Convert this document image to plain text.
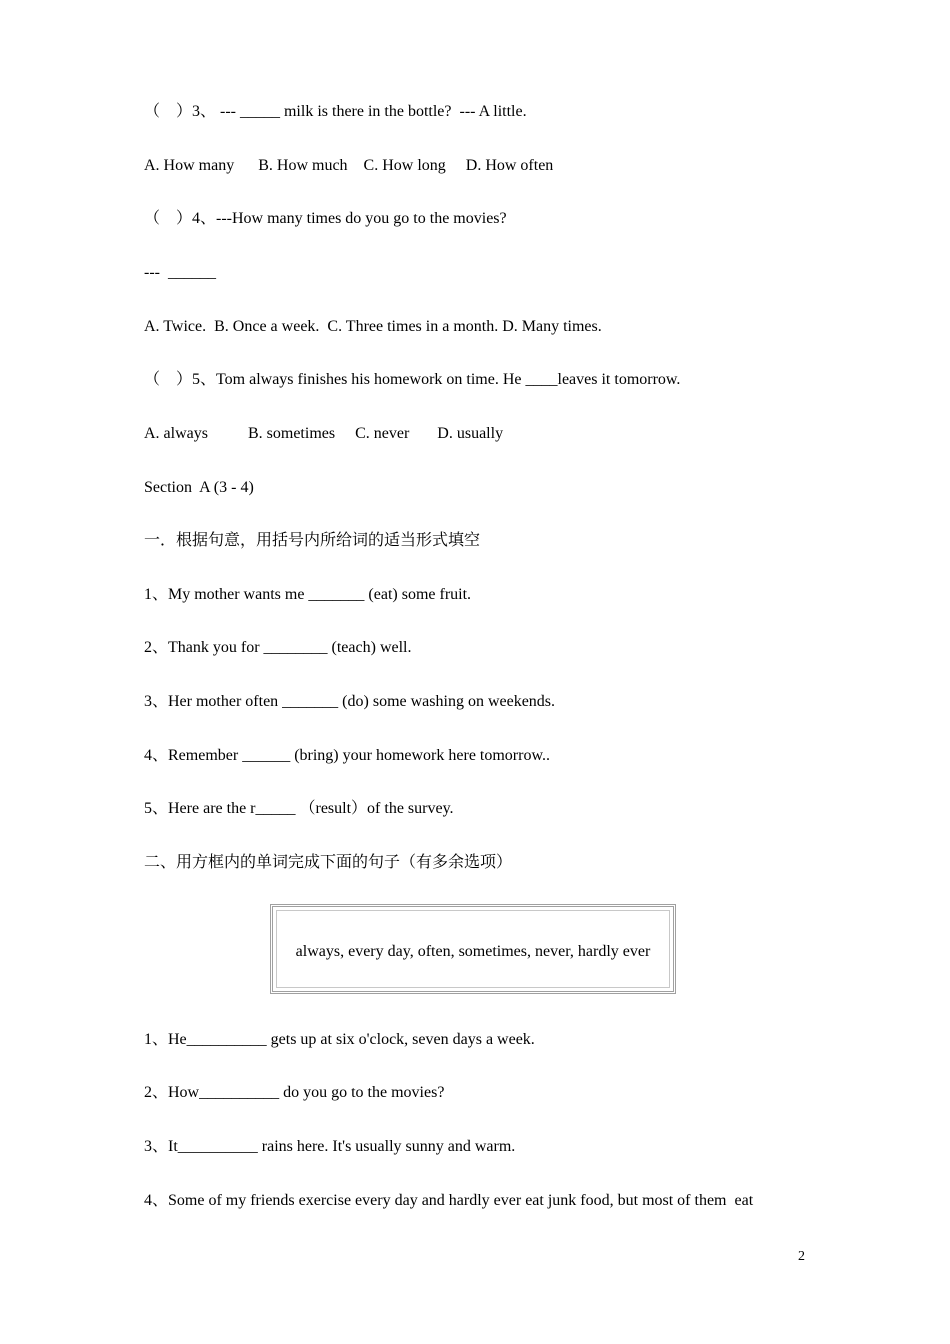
（　）3、 --- _____ milk is there in the bottle?  --- A little.
A. How many      B. How much    C. How long     D. How often
（　）4、---How many times do you go to the movies?
---  ______
A. Twice.  B. Once a week.  C. Three times in a month. D. Many times.
（　）5、Tom always finishes his homework on time. He ____leaves it tomorrow.
A. always          B. sometimes     C. never       D. usually
Section  A (3 - 4)
一．根据句意，用括号内所给词的适当形式填空
1、My mother wants me _______ (eat) some fruit.
2、Thank you for ________ (teach) well.
3、Her mother often _______ (do) some washing on weekends.
4、Remember ______ (bring) your homework here tomorrow..
5、Here are the r_____ （result）of the survey.
二、用方框内的单词完成下面的句子（有多余选项）
always, every day, often, sometimes, never, hardly ever
1、He__________ gets up at six o'clock, seven days a week.
2、How__________ do you go to the movies?
3、It__________ rains here. It's usually sunny and warm.
4、Some of my friends exercise every day and hardly ever eat junk food, but most of them  eat
2
